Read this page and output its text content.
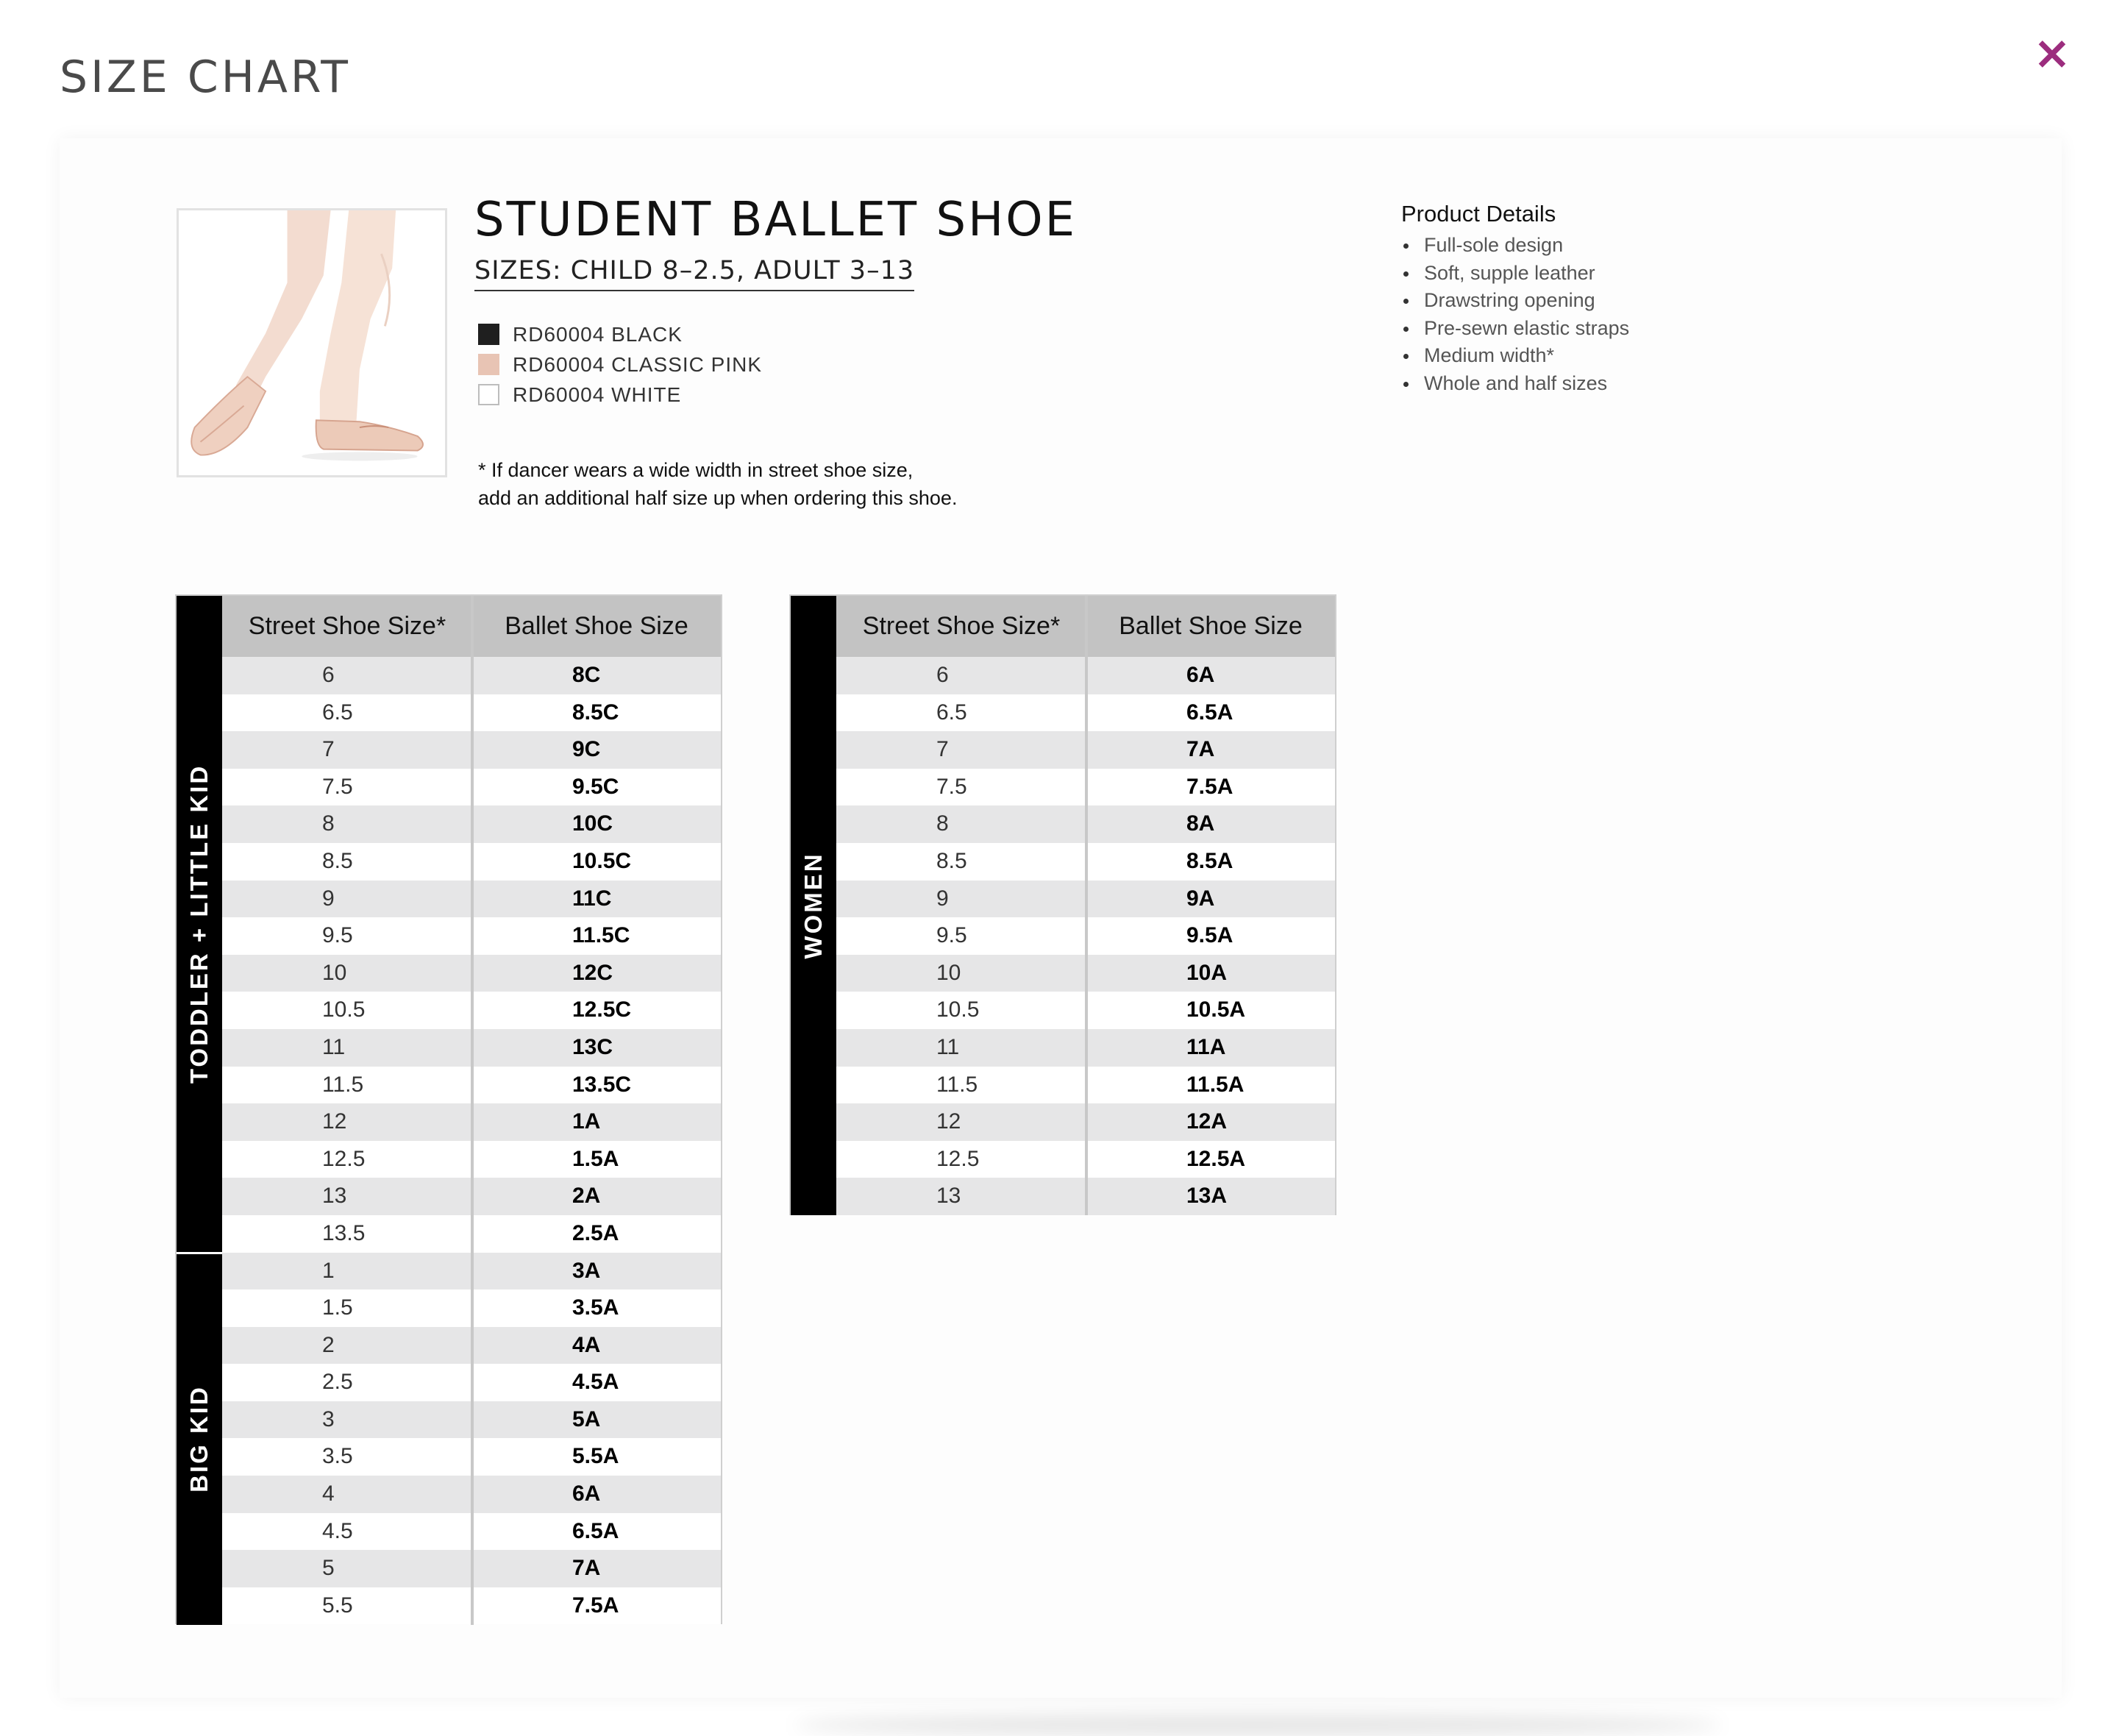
SIZE CHART	×
STUDENT BALLET SHOE
SIZES: CHILD 8–2.5, ADULT 3–13
RD60004 BLACK
RD60004 CLASSIC PINK
RD60004 WHITE
* If dancer wears a wide width in street shoe size,
add an additional half size up when ordering this shoe.
Product Details
Full-sole design
Soft, supple leather
Drawstring opening
Pre-sewn elastic straps
Medium width*
Whole and half sizes
Street Shoe Size*	Ballet Shoe Size
6	8C
6.5	8.5C
7	9C
7.5	9.5C
8	10C
8.5	10.5C
9	11C
9.5	11.5C
10	12C
10.5	12.5C
11	13C
11.5	13.5C
12	1A
12.5	1.5A
13	2A
13.5	2.5A
1	3A
1.5	3.5A
2	4A
2.5	4.5A
3	5A
3.5	5.5A
4	6A
4.5	6.5A
5	7A
5.5	7.5A
TODDLER + LITTLE KID
BIG KID
Street Shoe Size*	Ballet Shoe Size
6	6A
6.5	6.5A
7	7A
7.5	7.5A
8	8A
8.5	8.5A
9	9A
9.5	9.5A
10	10A
10.5	10.5A
11	11A
11.5	11.5A
12	12A
12.5	12.5A
13	13A
WOMEN
